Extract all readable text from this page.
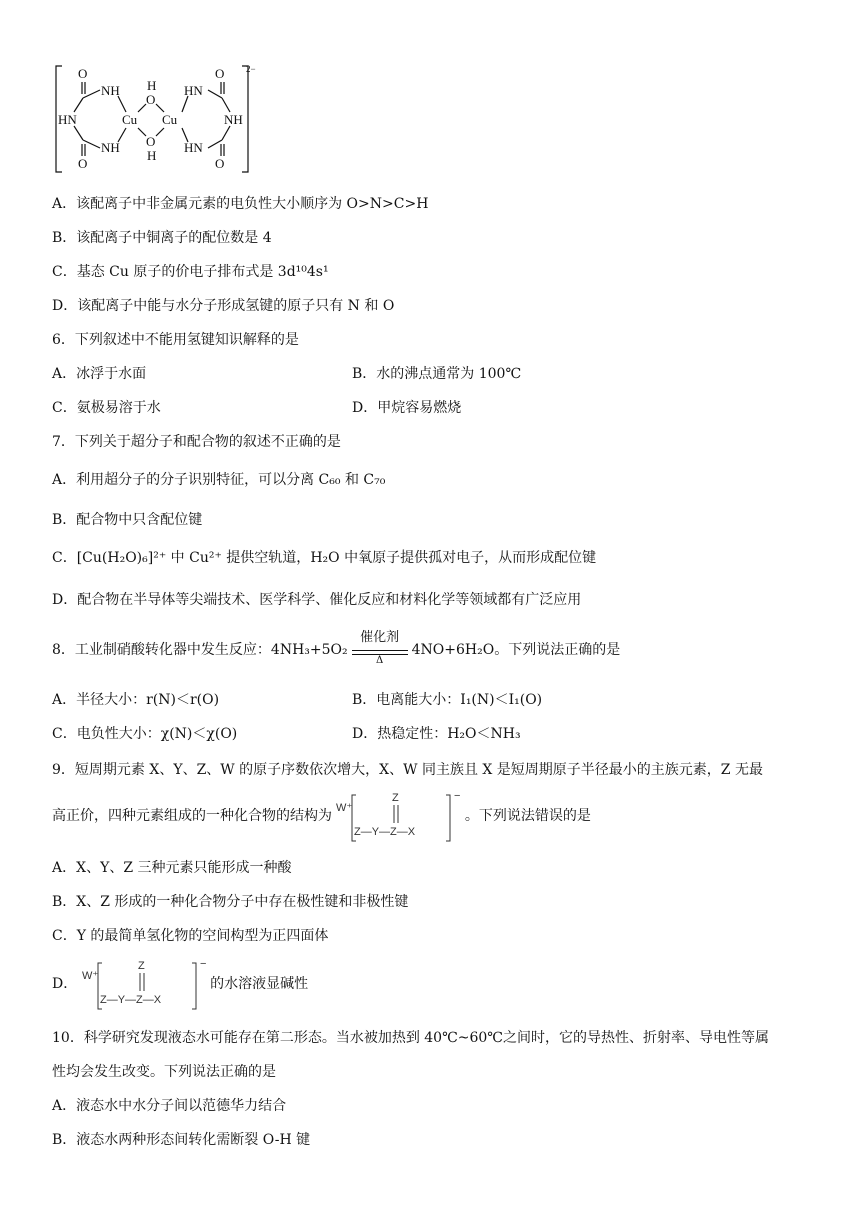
2−
O
NH
HN	Cu
NH
O
H
O
O
H
O
HN
Cu	NH
HN
O
A．该配离子中非金属元素的电负性大小顺序为 O>N>C>H
B．该配离子中铜离子的配位数是 4
C．基态 Cu 原子的价电子排布式是 3d¹⁰4s¹
D．该配离子中能与水分子形成氢键的原子只有 N 和 O
6．下列叙述中不能用氢键知识解释的是
A．冰浮于水面	B．水的沸点通常为 100℃
C．氨极易溶于水	D．甲烷容易燃烧
7．下列关于超分子和配合物的叙述不正确的是
A．利用超分子的分子识别特征，可以分离 C₆₀ 和 C₇₀
B．配合物中只含配位键
C．[Cu(H₂O)₆]²⁺ 中 Cu²⁺ 提供空轨道，H₂O 中氧原子提供孤对电子，从而形成配位键
D．配合物在半导体等尖端技术、医学科学、催化反应和材料化学等领域都有广泛应用
8．工业制硝酸转化器中发生反应：4NH₃+5O₂
催化剂
Δ
4NO+6H₂O。下列说法正确的是
A．半径大小：r(N)＜r(O)	B．电离能大小：I₁(N)＜I₁(O)
C．电负性大小：χ(N)＜χ(O)	D．热稳定性：H₂O＜NH₃
9．短周期元素 X、Y、Z、W 的原子序数依次增大，X、W 同主族且 X 是短周期原子半径最小的主族元素，Z 无最
高正价，四种元素组成的一种化合物的结构为 W⁺
Z
Z—Y—Z—X
−
。下列说法错误的是
A．X、Y、Z 三种元素只能形成一种酸
B．X、Z 形成的一种化合物分子中存在极性键和非极性键
C．Y 的最简单氢化物的空间构型为正四面体
D． W⁺
Z
Z—Y—Z—X
−
的水溶液显碱性
10．科学研究发现液态水可能存在第二形态。当水被加热到 40℃~60℃之间时，它的导热性、折射率、导电性等属
性均会发生改变。下列说法正确的是
A．液态水中水分子间以范德华力结合
B．液态水两种形态间转化需断裂 O-H 键
